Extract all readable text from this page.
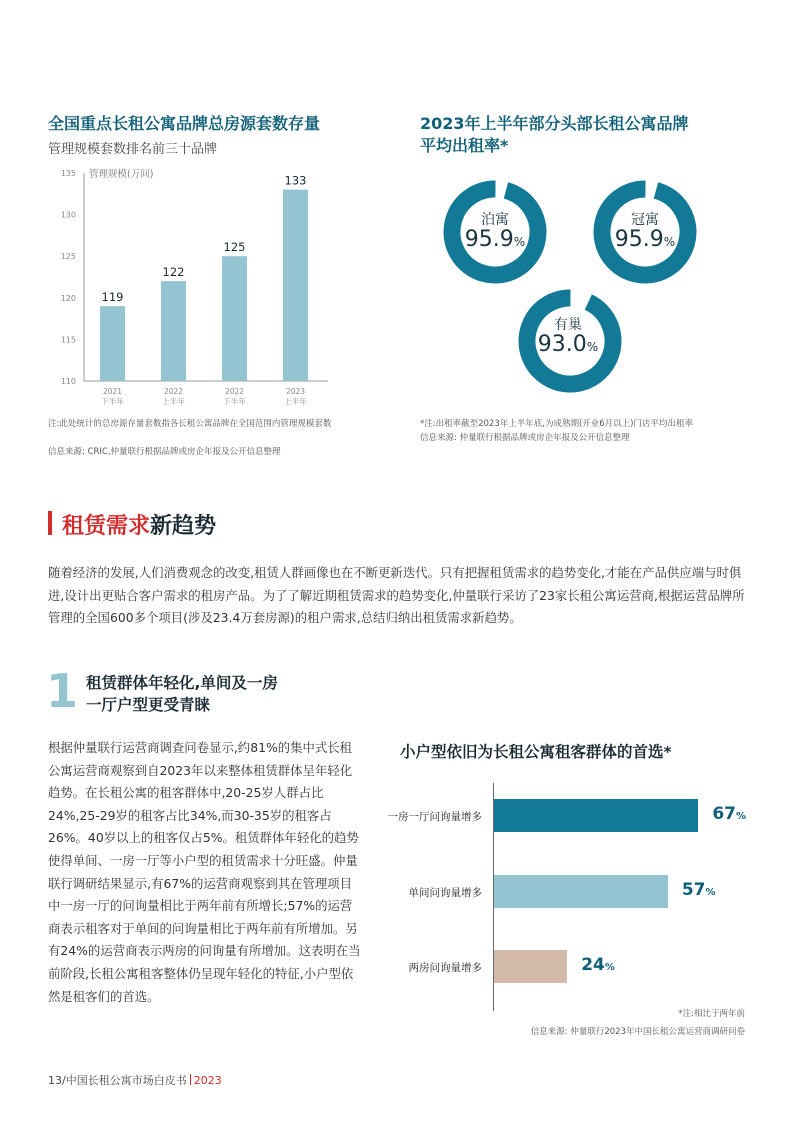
全国重点长租公寓品牌总房源套数存量
管理规模套数排名前三十品牌
135
130
125
120
115
110
管理规模(万间)
119
2021
下半年
122
2022
上半年
125
2022
下半年
133
2023
上半年
注:此处统计的总房源存量套数指各长租公寓品牌在全国范围内管理规模套数
信息来源: CRIC,仲量联行根据品牌或房企年报及公开信息整理
2023年上半年部分头部长租公寓品牌
平均出租率*
泊寓
95.9%
冠寓
95.9%
有巢
93.0%
*注:出租率截至2023年上半年底,为成熟期(开业6月以上)门店平均出租率
信息来源: 仲量联行根据品牌或房企年报及公开信息整理
租赁需求新趋势
随着经济的发展,人们消费观念的改变,租赁人群画像也在不断更新迭代。只有把握租赁需求的趋势变化,才能在产品供应端与时俱进,设计出更贴合客户需求的租房产品。为了了解近期租赁需求的趋势变化,仲量联行采访了23家长租公寓运营商,根据运营品牌所管理的全国600多个项目(涉及23.4万套房源)的租户需求,总结归纳出租赁需求新趋势。
1 租赁群体年轻化,单间及一房
一厅户型更受青睐
根据仲量联行运营商调查问卷显示,约81%的集中式长租公寓运营商观察到自2023年以来整体租赁群体呈年轻化趋势。在长租公寓的租客群体中,20-25岁人群占比24%,25-29岁的租客占比34%,而30-35岁的租客占26%。40岁以上的租客仅占5%。租赁群体年轻化的趋势使得单间、一房一厅等小户型的租赁需求十分旺盛。仲量联行调研结果显示,有67%的运营商观察到其在管理项目中一房一厅的问询量相比于两年前有所增长;57%的运营商表示租客对于单间的问询量相比于两年前有所增加。另有24%的运营商表示两房的问询量有所增加。这表明在当前阶段,长租公寓租客整体仍呈现年轻化的特征,小户型依然是租客们的首选。
小户型依旧为长租公寓租客群体的首选*
一房一厅问询量增多	67%
单间问询量增多	57%
两房问询量增多	24%
*注:相比于两年前
信息来源: 仲量联行2023年中国长租公寓运营商调研问卷
13/中国长租公寓市场白皮书 2023
